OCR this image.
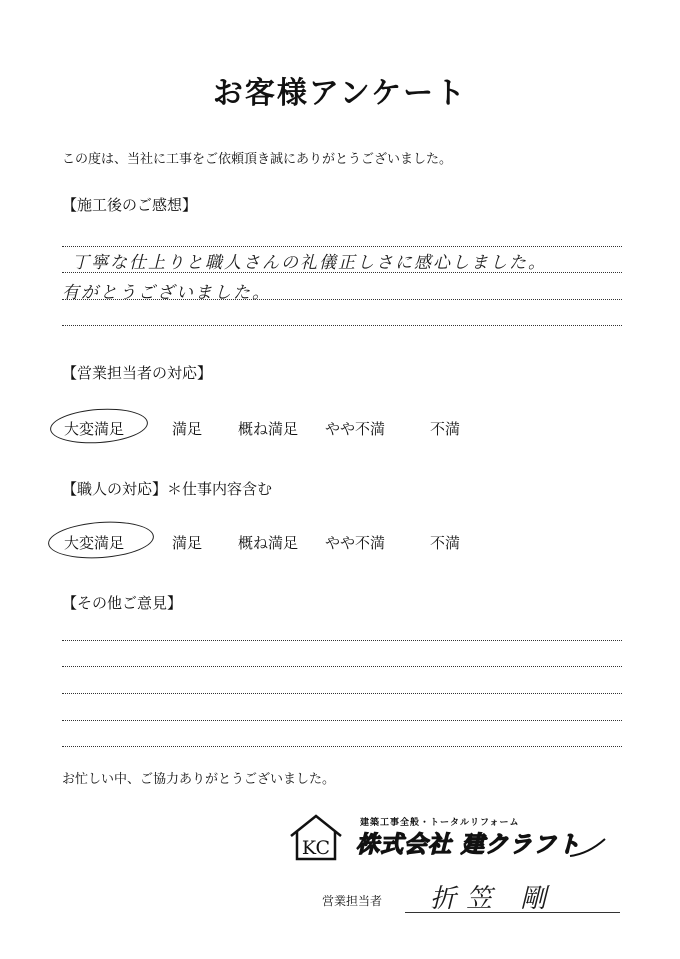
お客様アンケート
この度は、当社に工事をご依頼頂き誠にありがとうございました。
【施工後のご感想】
丁寧な仕上りと職人さんの礼儀正しさに感心しました。
有がとうございました。
【営業担当者の対応】
大変満足	満足 概ね満足 やや不満	不満
【職人の対応】＊仕事内容含む
大変満足	満足 概ね満足 やや不満	不満
【その他ご意見】
お忙しい中、ご協力ありがとうございました。
KC
建築工事全般・トータルリフォーム
株式会社 建クラフト
営業担当者 折笠 剛
